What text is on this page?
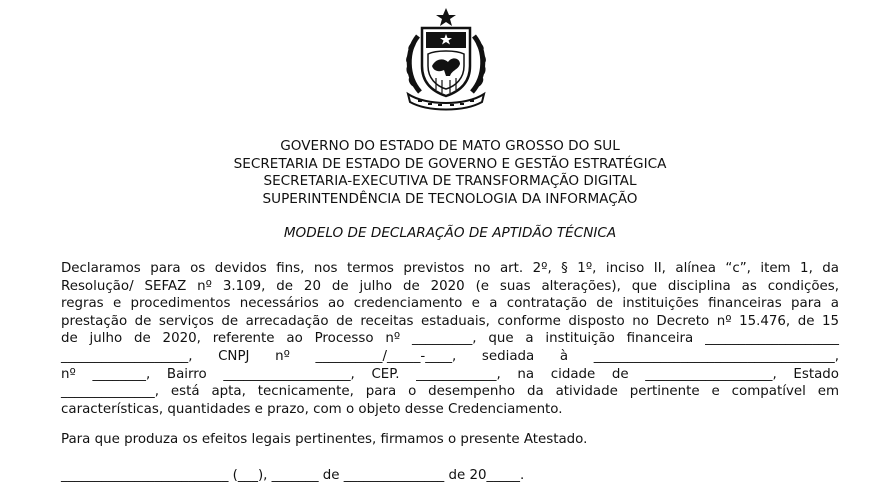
GOVERNO DO ESTADO DE MATO GROSSO DO SUL
SECRETARIA DE ESTADO DE GOVERNO E GESTÃO ESTRATÉGICA
SECRETARIA-EXECUTIVA DE TRANSFORMAÇÃO DIGITAL
SUPERINTENDÊNCIA DE TECNOLOGIA DA INFORMAÇÃO
MODELO DE DECLARAÇÃO DE APTIDÃO TÉCNICA
Declaramos para os devidos fins, nos termos previstos no art. 2º, § 1º, inciso II, alínea “c”, item 1, da
Resolução/ SEFAZ nº 3.109, de 20 de julho de 2020 (e suas alterações), que disciplina as condições,
regras e procedimentos necessários ao credenciamento e a contratação de instituições financeiras para a
prestação de serviços de arrecadação de receitas estaduais, conforme disposto no Decreto nº 15.476, de 15
de julho de 2020, referente ao Processo nº _________, que a instituição financeira ____________________
___________________, CNPJ nº __________/_____-____, sediada à ____________________________________,
nº ________, Bairro ___________________, CEP. ____________, na cidade de ___________________, Estado
______________, está apta, tecnicamente, para o desempenho da atividade pertinente e compatível em
características, quantidades e prazo, com o objeto desse Credenciamento.
Para que produza os efeitos legais pertinentes, firmamos o presente Atestado.
_________________________ (___), _______ de _______________ de 20_____.
